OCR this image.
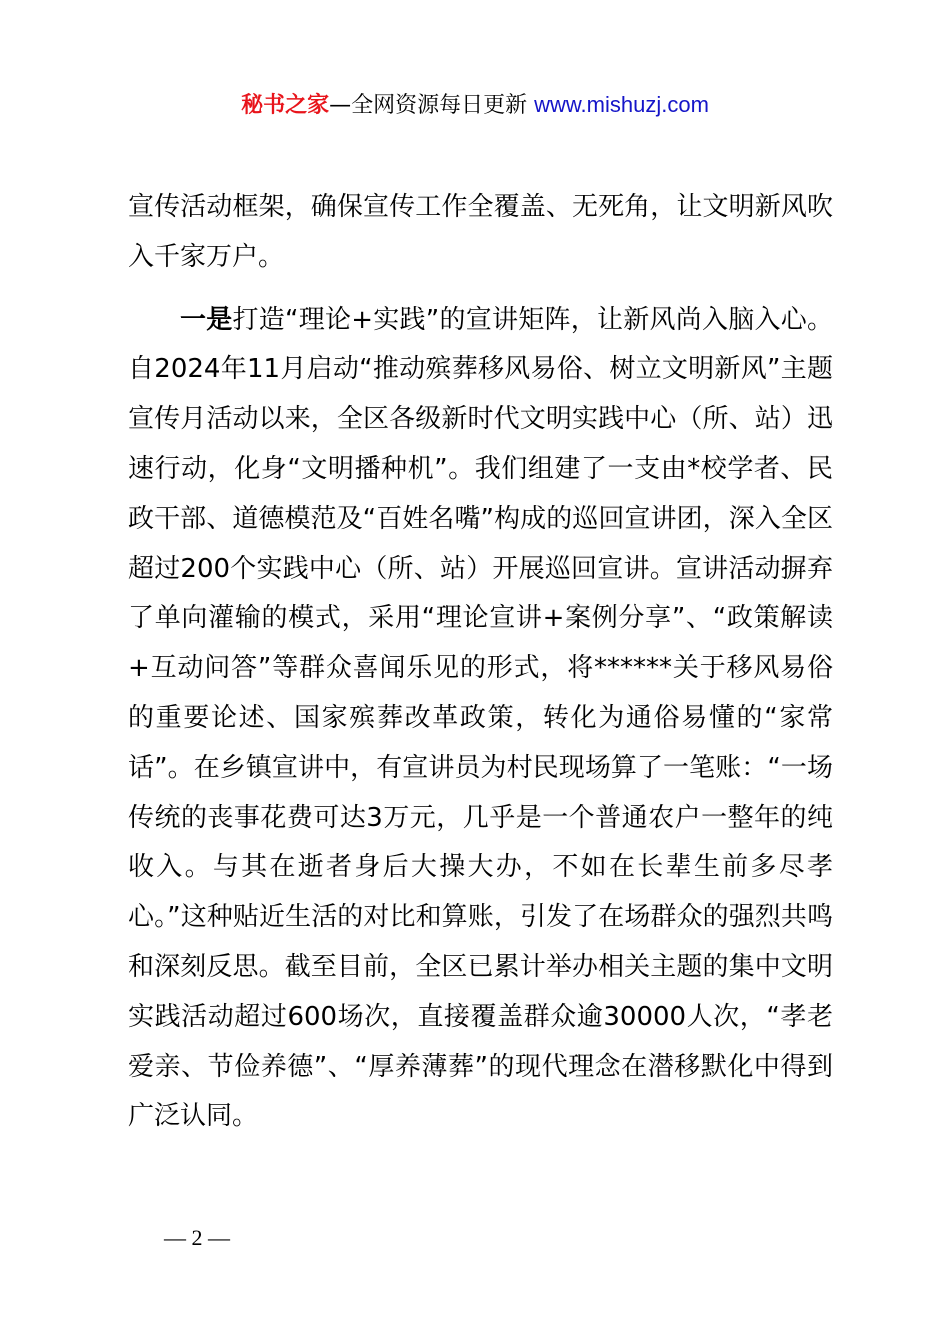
秘书之家—全网资源每日更新 www.mishuzj.com

宣传活动框架，确保宣传工作全覆盖、无死角，让文明新风吹入千家万户。

一是打造“理论+实践”的宣讲矩阵，让新风尚入脑入心。自2024年11月启动“推动殡葬移风易俗、树立文明新风”主题宣传月活动以来，全区各级新时代文明实践中心（所、站）迅速行动，化身“文明播种机”。我们组建了一支由*校学者、民政干部、道德模范及“百姓名嘴”构成的巡回宣讲团，深入全区超过200个实践中心（所、站）开展巡回宣讲。宣讲活动摒弃了单向灌输的模式，采用“理论宣讲+案例分享”、“政策解读+互动问答”等群众喜闻乐见的形式，将******关于移风易俗的重要论述、国家殡葬改革政策，转化为通俗易懂的“家常话”。在乡镇宣讲中，有宣讲员为村民现场算了一笔账：“一场传统的丧事花费可达3万元，几乎是一个普通农户一整年的纯收入。与其在逝者身后大操大办，不如在长辈生前多尽孝心。”这种贴近生活的对比和算账，引发了在场群众的强烈共鸣和深刻反思。截至目前，全区已累计举办相关主题的集中文明实践活动超过600场次，直接覆盖群众逾30000人次，“孝老爱亲、节俭养德”、“厚养薄葬”的现代理念在潜移默化中得到广泛认同。

— 2 —
